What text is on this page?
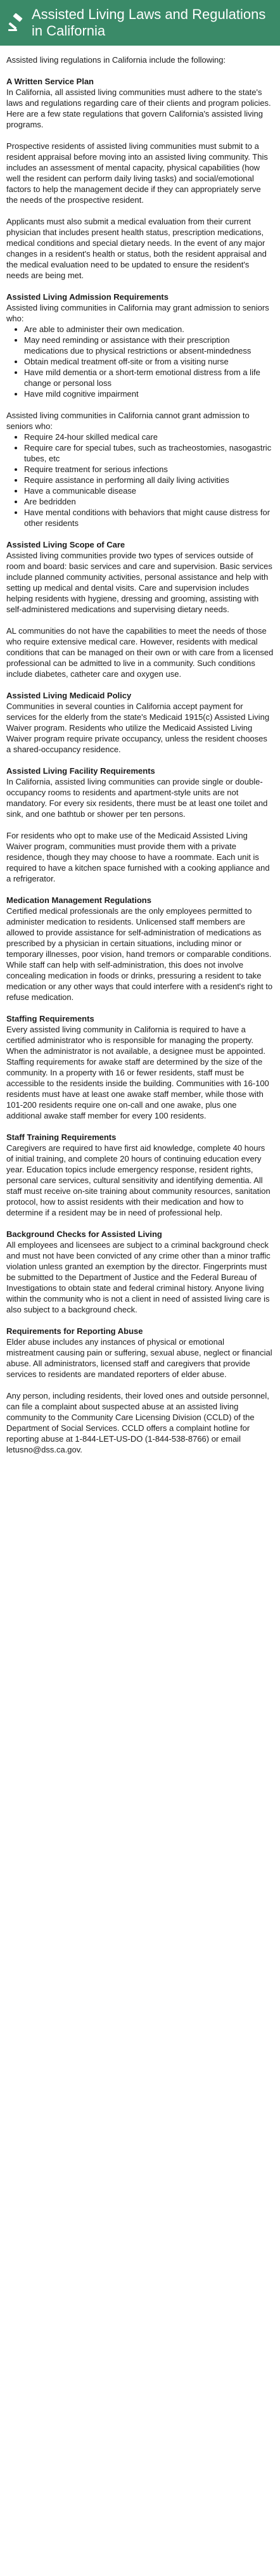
Assisted Living Laws and Regulations in California

Assisted living regulations in California include the following:

A Written Service Plan

In California, all assisted living communities must adhere to the state's laws and regulations regarding care of their clients and program policies. Here are a few state regulations that govern California's assisted living programs.

Prospective residents of assisted living communities must submit to a resident appraisal before moving into an assisted living community. This includes an assessment of mental capacity, physical capabilities (how well the resident can perform daily living tasks) and social/emotional factors to help the management decide if they can appropriately serve the needs of the prospective resident.

Applicants must also submit a medical evaluation from their current physician that includes present health status, prescription medications, medical conditions and special dietary needs. In the event of any major changes in a resident's health or status, both the resident appraisal and the medical evaluation need to be updated to ensure the resident's needs are being met.

Assisted Living Admission Requirements

Assisted living communities in California may grant admission to seniors who:

• Are able to administer their own medication.
• May need reminding or assistance with their prescription medications due to physical restrictions or absent-mindedness
• Obtain medical treatment off-site or from a visiting nurse
• Have mild dementia or a short-term emotional distress from a life change or personal loss
• Have mild cognitive impairment

Assisted living communities in California cannot grant admission to seniors who:

• Require 24-hour skilled medical care
• Require care for special tubes, such as tracheostomies, nasogastric tubes, etc
• Require treatment for serious infections
• Require assistance in performing all daily living activities
• Have a communicable disease
• Are bedridden
• Have mental conditions with behaviors that might cause distress for other residents
Assisted Living Scope of Care

Assisted living communities provide two types of services outside of room and board: basic services and care and supervision. Basic services include planned community activities, personal assistance and help with setting up medical and dental visits. Care and supervision includes helping residents with hygiene, dressing and grooming, assisting with self-administered medications and supervising dietary needs.

AL communities do not have the capabilities to meet the needs of those who require extensive medical care. However, residents with medical conditions that can be managed on their own or with care from a licensed professional can be admitted to live in a community. Such conditions include diabetes, catheter care and oxygen use.

Assisted Living Medicaid Policy

Communities in several counties in California accept payment for services for the elderly from the state's Medicaid 1915(c) Assisted Living Waiver program. Residents who utilize the Medicaid Assisted Living Waiver program require private occupancy, unless the resident chooses a shared-occupancy residence.

Assisted Living Facility Requirements

In California, assisted living communities can provide single or double-occupancy rooms to residents and apartment-style units are not mandatory. For every six residents, there must be at least one toilet and sink, and one bathtub or shower per ten persons.

For residents who opt to make use of the Medicaid Assisted Living Waiver program, communities must provide them with a private residence, though they may choose to have a roommate. Each unit is required to have a kitchen space furnished with a cooking appliance and a refrigerator.

Medication Management Regulations

Certified medical professionals are the only employees permitted to administer medication to residents. Unlicensed staff members are allowed to provide assistance for self-administration of medications as prescribed by a physician in certain situations, including minor or temporary illnesses, poor vision, hand tremors or comparable conditions. While staff can help with self-administration, this does not involve concealing medication in foods or drinks, pressuring a resident to take medication or any other ways that could interfere with a resident's right to refuse medication.

Staffing Requirements

Every assisted living community in California is required to have a certified administrator who is responsible for managing the property. When the administrator is not available, a designee must be appointed. Staffing requirements for awake staff are determined by the size of the community. In a property with 16 or fewer residents, staff must be accessible to the residents inside the building. Communities with 16-100 residents must have at least one awake staff member, while those with 101-200 residents require one on-call and one awake, plus one additional awake staff member for every 100 residents.

Staff Training Requirements

Caregivers are required to have first aid knowledge, complete 40 hours of initial training, and complete 20 hours of continuing education every year. Education topics include emergency response, resident rights, personal care services, cultural sensitivity and identifying dementia. All staff must receive on-site training about community resources, sanitation protocol, how to assist residents with their medication and how to determine if a resident may be in need of professional help.

Background Checks for Assisted Living

All employees and licensees are subject to a criminal background check and must not have been convicted of any crime other than a minor traffic violation unless granted an exemption by the director. Fingerprints must be submitted to the Department of Justice and the Federal Bureau of Investigations to obtain state and federal criminal history. Anyone living within the community who is not a client in need of assisted living care is also subject to a background check.

Requirements for Reporting Abuse

Elder abuse includes any instances of physical or emotional mistreatment causing pain or suffering, sexual abuse, neglect or financial abuse. All administrators, licensed staff and caregivers that provide services to residents are mandated reporters of elder abuse.

Any person, including residents, their loved ones and outside personnel, can file a complaint about suspected abuse at an assisted living community to the Community Care Licensing Division (CCLD) of the Department of Social Services. CCLD offers a complaint hotline for reporting abuse at 1-844-LET-US-DO (1-844-538-8766) or email letusno@dss.ca.gov.
